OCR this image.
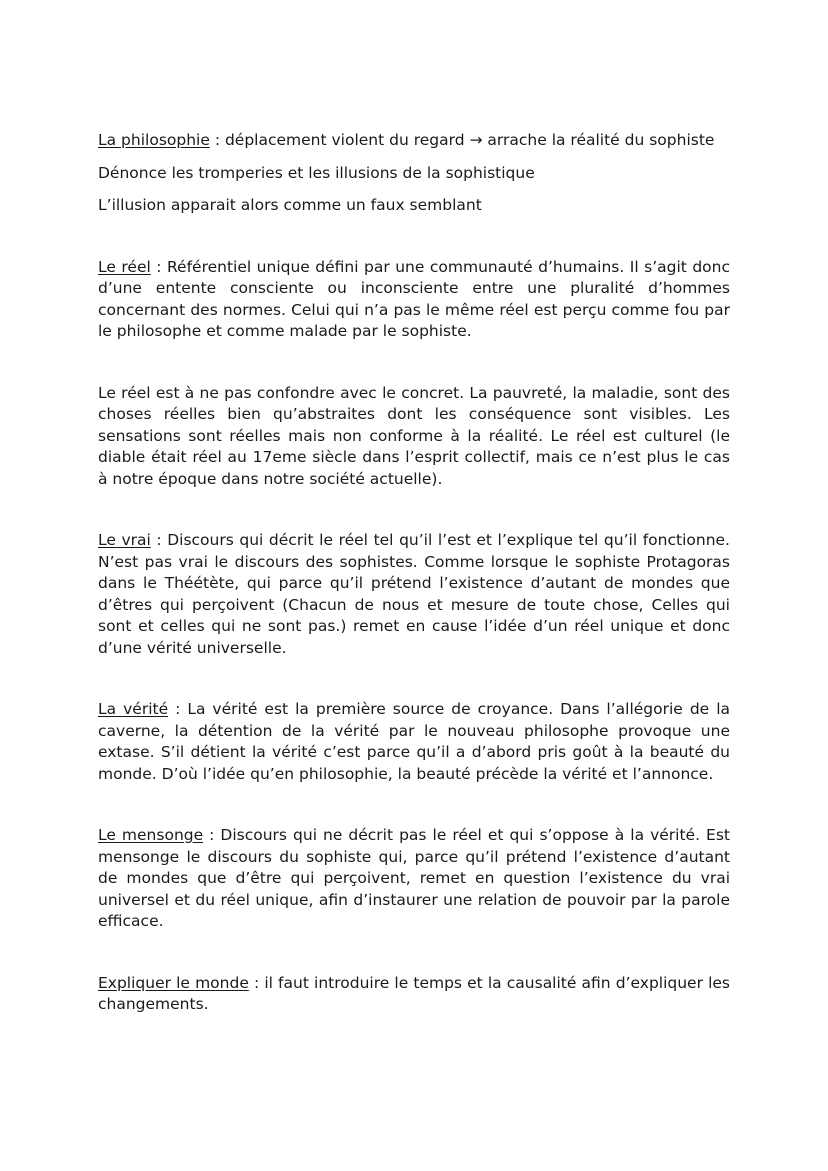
La philosophie : déplacement violent du regard → arrache la réalité du sophiste

Dénonce les tromperies et les illusions de la sophistique

L’illusion apparait alors comme un faux semblant

Le réel : Référentiel unique défini par une communauté d’humains. Il s’agit donc d’une entente consciente ou inconsciente entre une pluralité d’hommes concernant des normes. Celui qui n’a pas le même réel est perçu comme fou par le philosophe et comme malade par le sophiste.

Le réel est à ne pas confondre avec le concret. La pauvreté, la maladie, sont des choses réelles bien qu’abstraites dont les conséquence sont visibles. Les sensations sont réelles mais non conforme à la réalité. Le réel est culturel (le diable était réel au 17eme siècle dans l’esprit collectif, mais ce n’est plus le cas à notre époque dans notre société actuelle).

Le vrai : Discours qui décrit le réel tel qu’il l’est et l’explique tel qu’il fonctionne. N’est pas vrai le discours des sophistes. Comme lorsque le sophiste Protagoras dans le Théétète, qui parce qu’il prétend l’existence d’autant de mondes que d’êtres qui perçoivent (Chacun de nous et mesure de toute chose, Celles qui sont et celles qui ne sont pas.) remet en cause l’idée d’un réel unique et donc d’une vérité universelle.

La vérité : La vérité est la première source de croyance. Dans l’allégorie de la caverne, la détention de la vérité par le nouveau philosophe provoque une extase. S’il détient la vérité c’est parce qu’il a d’abord pris goût à la beauté du monde. D’où l’idée qu’en philosophie, la beauté précède la vérité et l’annonce.

Le mensonge : Discours qui ne décrit pas le réel et qui s’oppose à la vérité. Est mensonge le discours du sophiste qui, parce qu’il prétend l’existence d’autant de mondes que d’être qui perçoivent, remet en question l’existence du vrai universel et du réel unique, afin d’instaurer une relation de pouvoir par la parole efficace.

Expliquer le monde : il faut introduire le temps et la causalité afin d’expliquer les changements.
